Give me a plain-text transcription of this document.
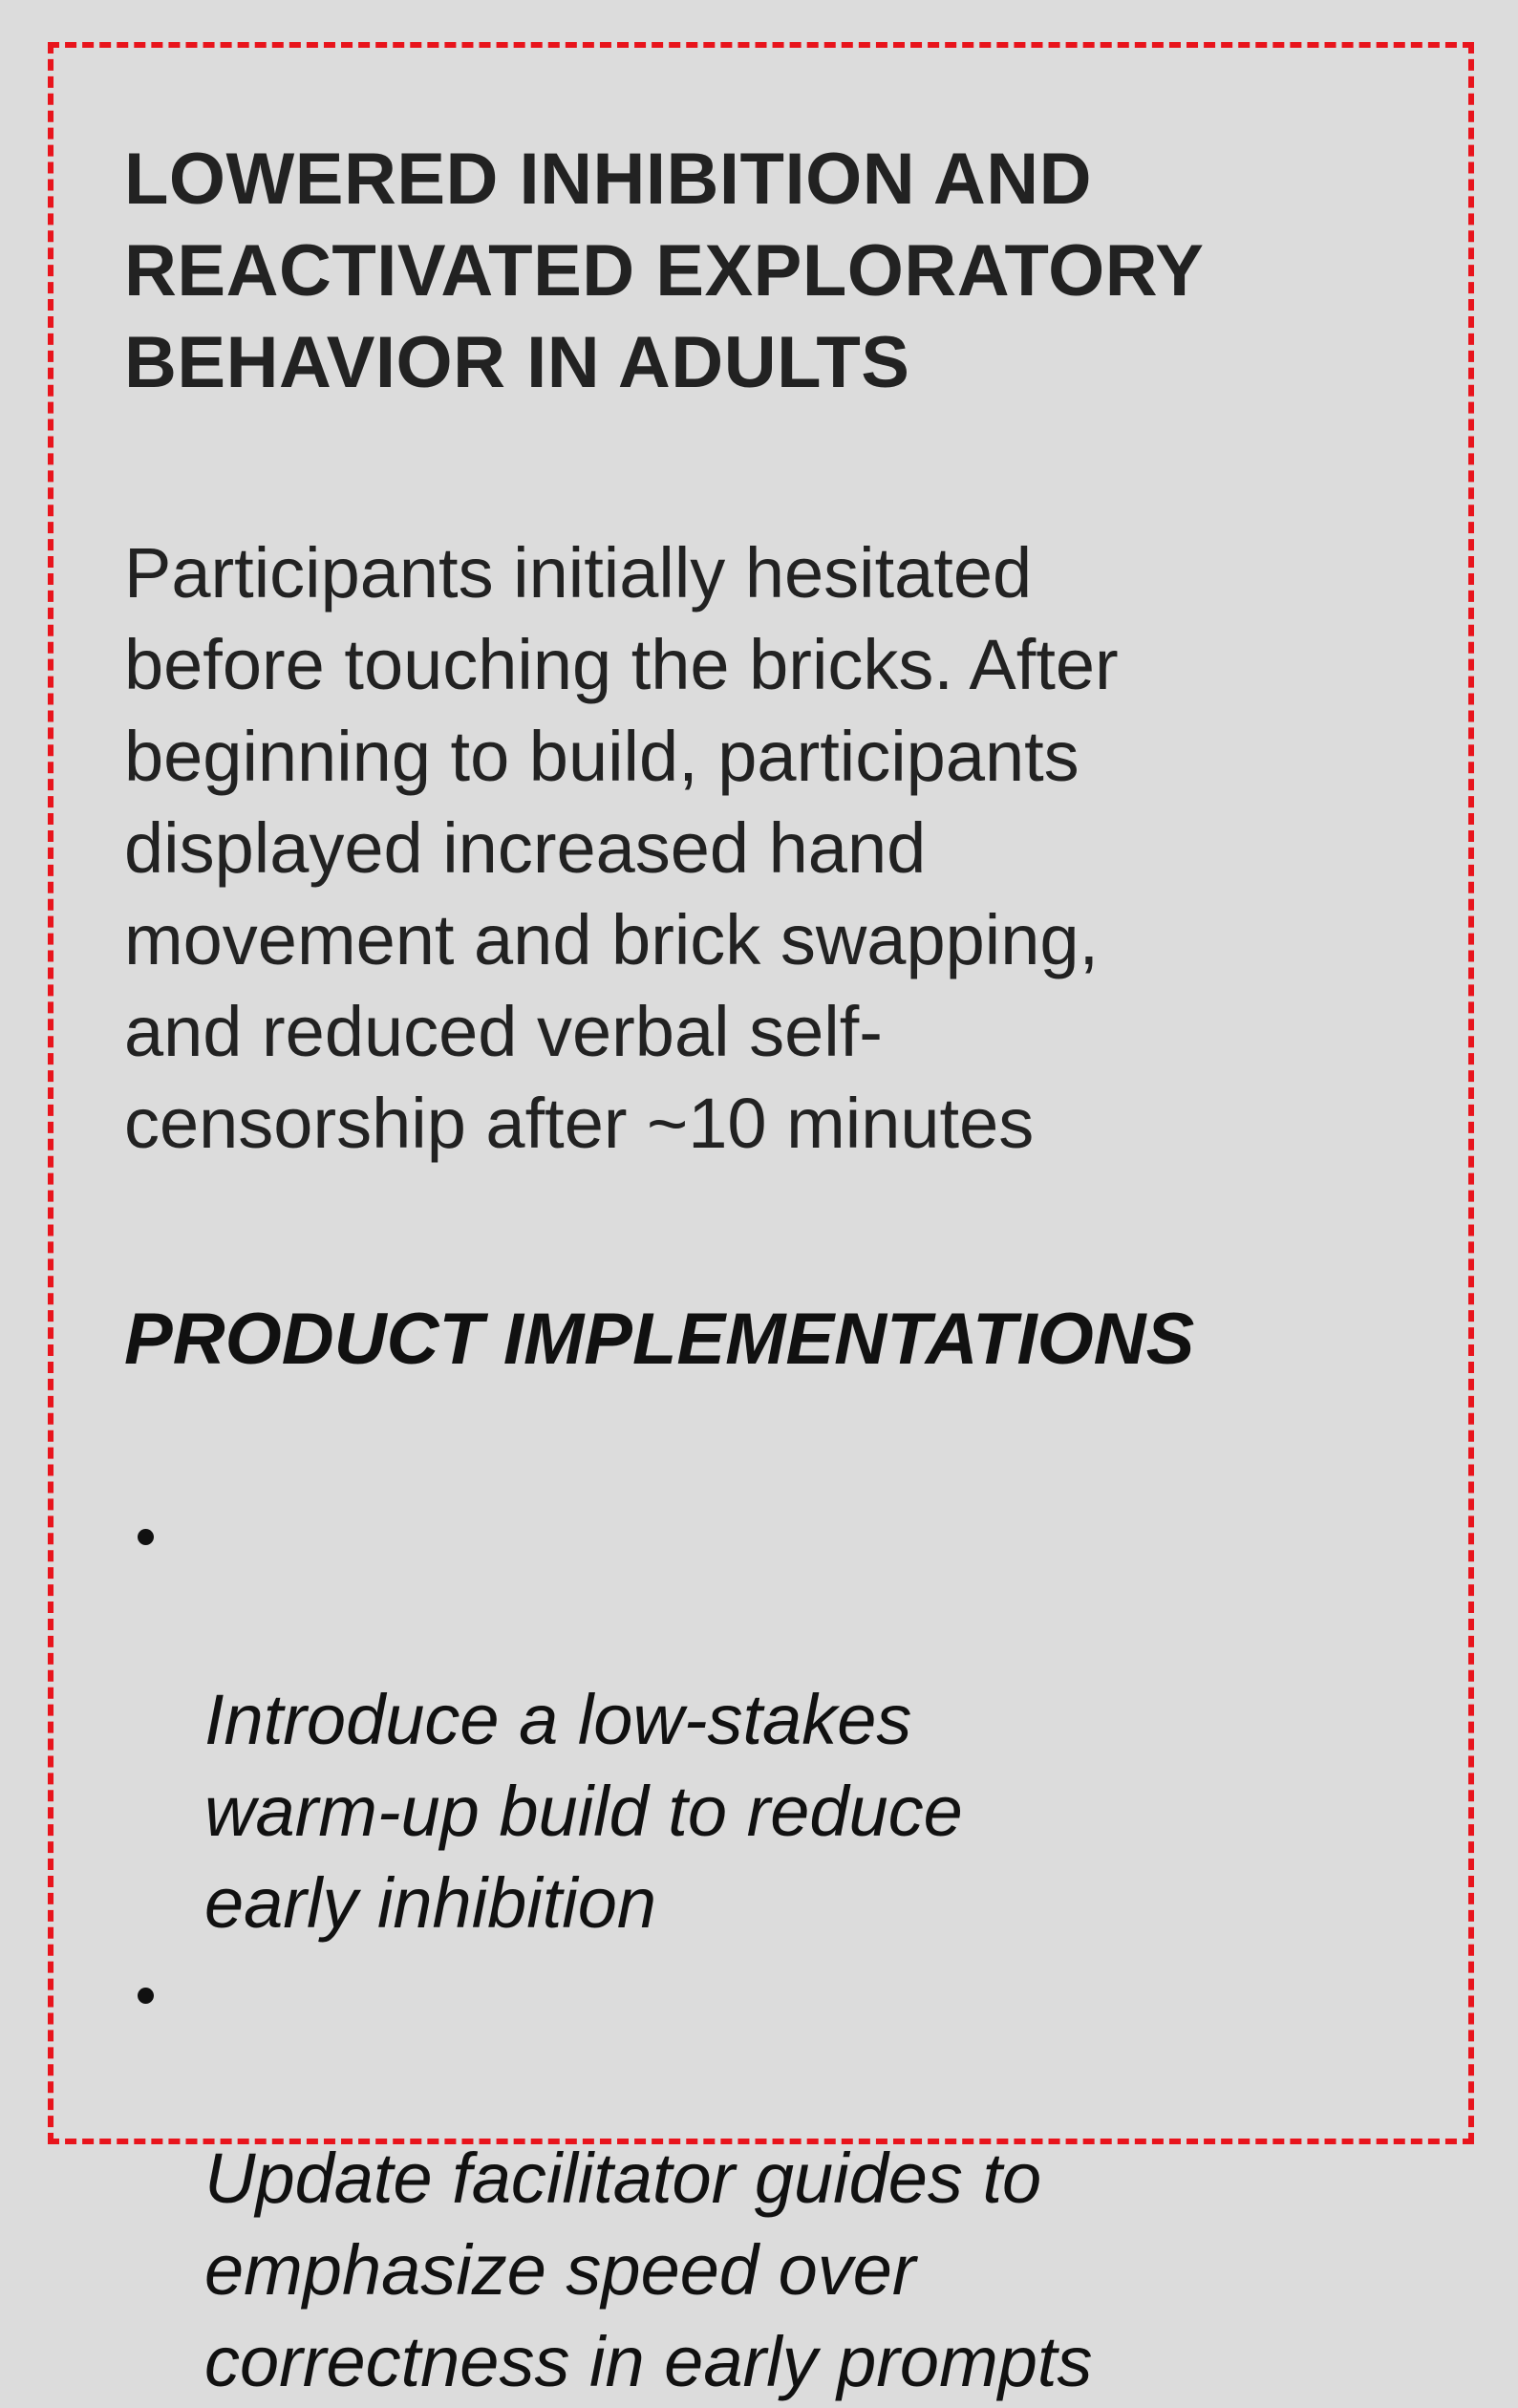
LOWERED INHIBITION AND
REACTIVATED EXPLORATORY
BEHAVIOR IN ADULTS

Participants initially hesitated
before touching the bricks. After
beginning to build, participants
displayed increased hand
movement and brick swapping,
and reduced verbal self-
censorship after ~10 minutes

PRODUCT IMPLEMENTATIONS

Introduce a low-stakes
warm-up build to reduce
early inhibition

Update facilitator guides to
emphasize speed over
correctness in early prompts
